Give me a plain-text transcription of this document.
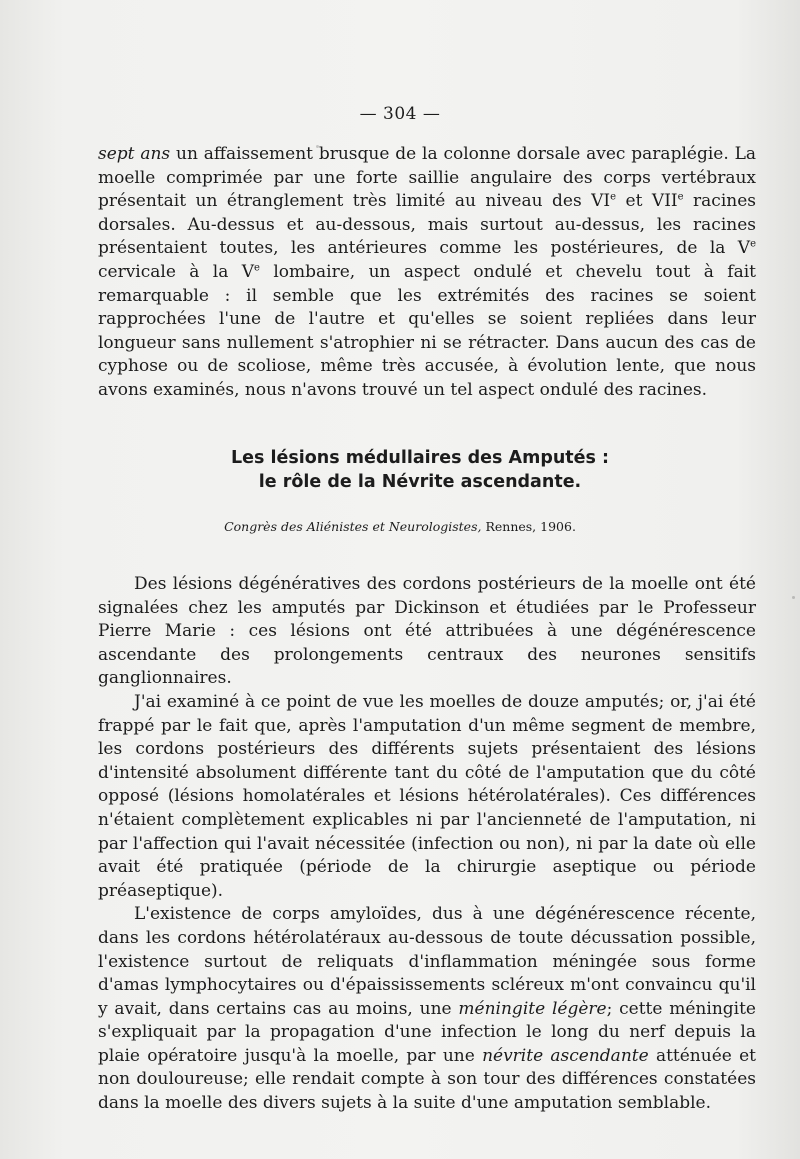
— 304 —

sept ans un affaissement brusque de la colonne dorsale avec paraplégie. La moelle comprimée par une forte saillie angulaire des corps vertébraux présentait un étranglement très limité au niveau des VIe et VIIe racines dorsales. Au-dessus et au-dessous, mais surtout au-dessus, les racines présentaient toutes, les antérieures comme les postérieures, de la Ve cervicale à la Ve lombaire, un aspect ondulé et chevelu tout à fait remarquable : il semble que les extrémités des racines se soient rapprochées l'une de l'autre et qu'elles se soient repliées dans leur longueur sans nullement s'atrophier ni se rétracter. Dans aucun des cas de cyphose ou de scoliose, même très accusée, à évolution lente, que nous avons examinés, nous n'avons trouvé un tel aspect ondulé des racines.

Les lésions médullaires des Amputés :
le rôle de la Névrite ascendante.
Congrès des Aliénistes et Neurologistes, Rennes, 1906.

Des lésions dégénératives des cordons postérieurs de la moelle ont été signalées chez les amputés par Dickinson et étudiées par le Professeur Pierre Marie : ces lésions ont été attribuées à une dégénérescence ascendante des prolongements centraux des neurones sensitifs ganglionnaires.

J'ai examiné à ce point de vue les moelles de douze amputés; or, j'ai été frappé par le fait que, après l'amputation d'un même segment de membre, les cordons postérieurs des différents sujets présentaient des lésions d'intensité absolument différente tant du côté de l'amputation que du côté opposé (lésions homolatérales et lésions hétérolatérales). Ces différences n'étaient complètement explicables ni par l'ancienneté de l'amputation, ni par l'affection qui l'avait nécessitée (infection ou non), ni par la date où elle avait été pratiquée (période de la chirurgie aseptique ou période préaseptique).

L'existence de corps amyloïdes, dus à une dégénérescence récente, dans les cordons hétérolatéraux au-dessous de toute décussation possible, l'existence surtout de reliquats d'inflammation méningée sous forme d'amas lymphocytaires ou d'épaississements scléreux m'ont convaincu qu'il y avait, dans certains cas au moins, une méningite légère; cette méningite s'expliquait par la propagation d'une infection le long du nerf depuis la plaie opératoire jusqu'à la moelle, par une névrite ascendante atténuée et non douloureuse; elle rendait compte à son tour des différences constatées dans la moelle des divers sujets à la suite d'une amputation semblable.
